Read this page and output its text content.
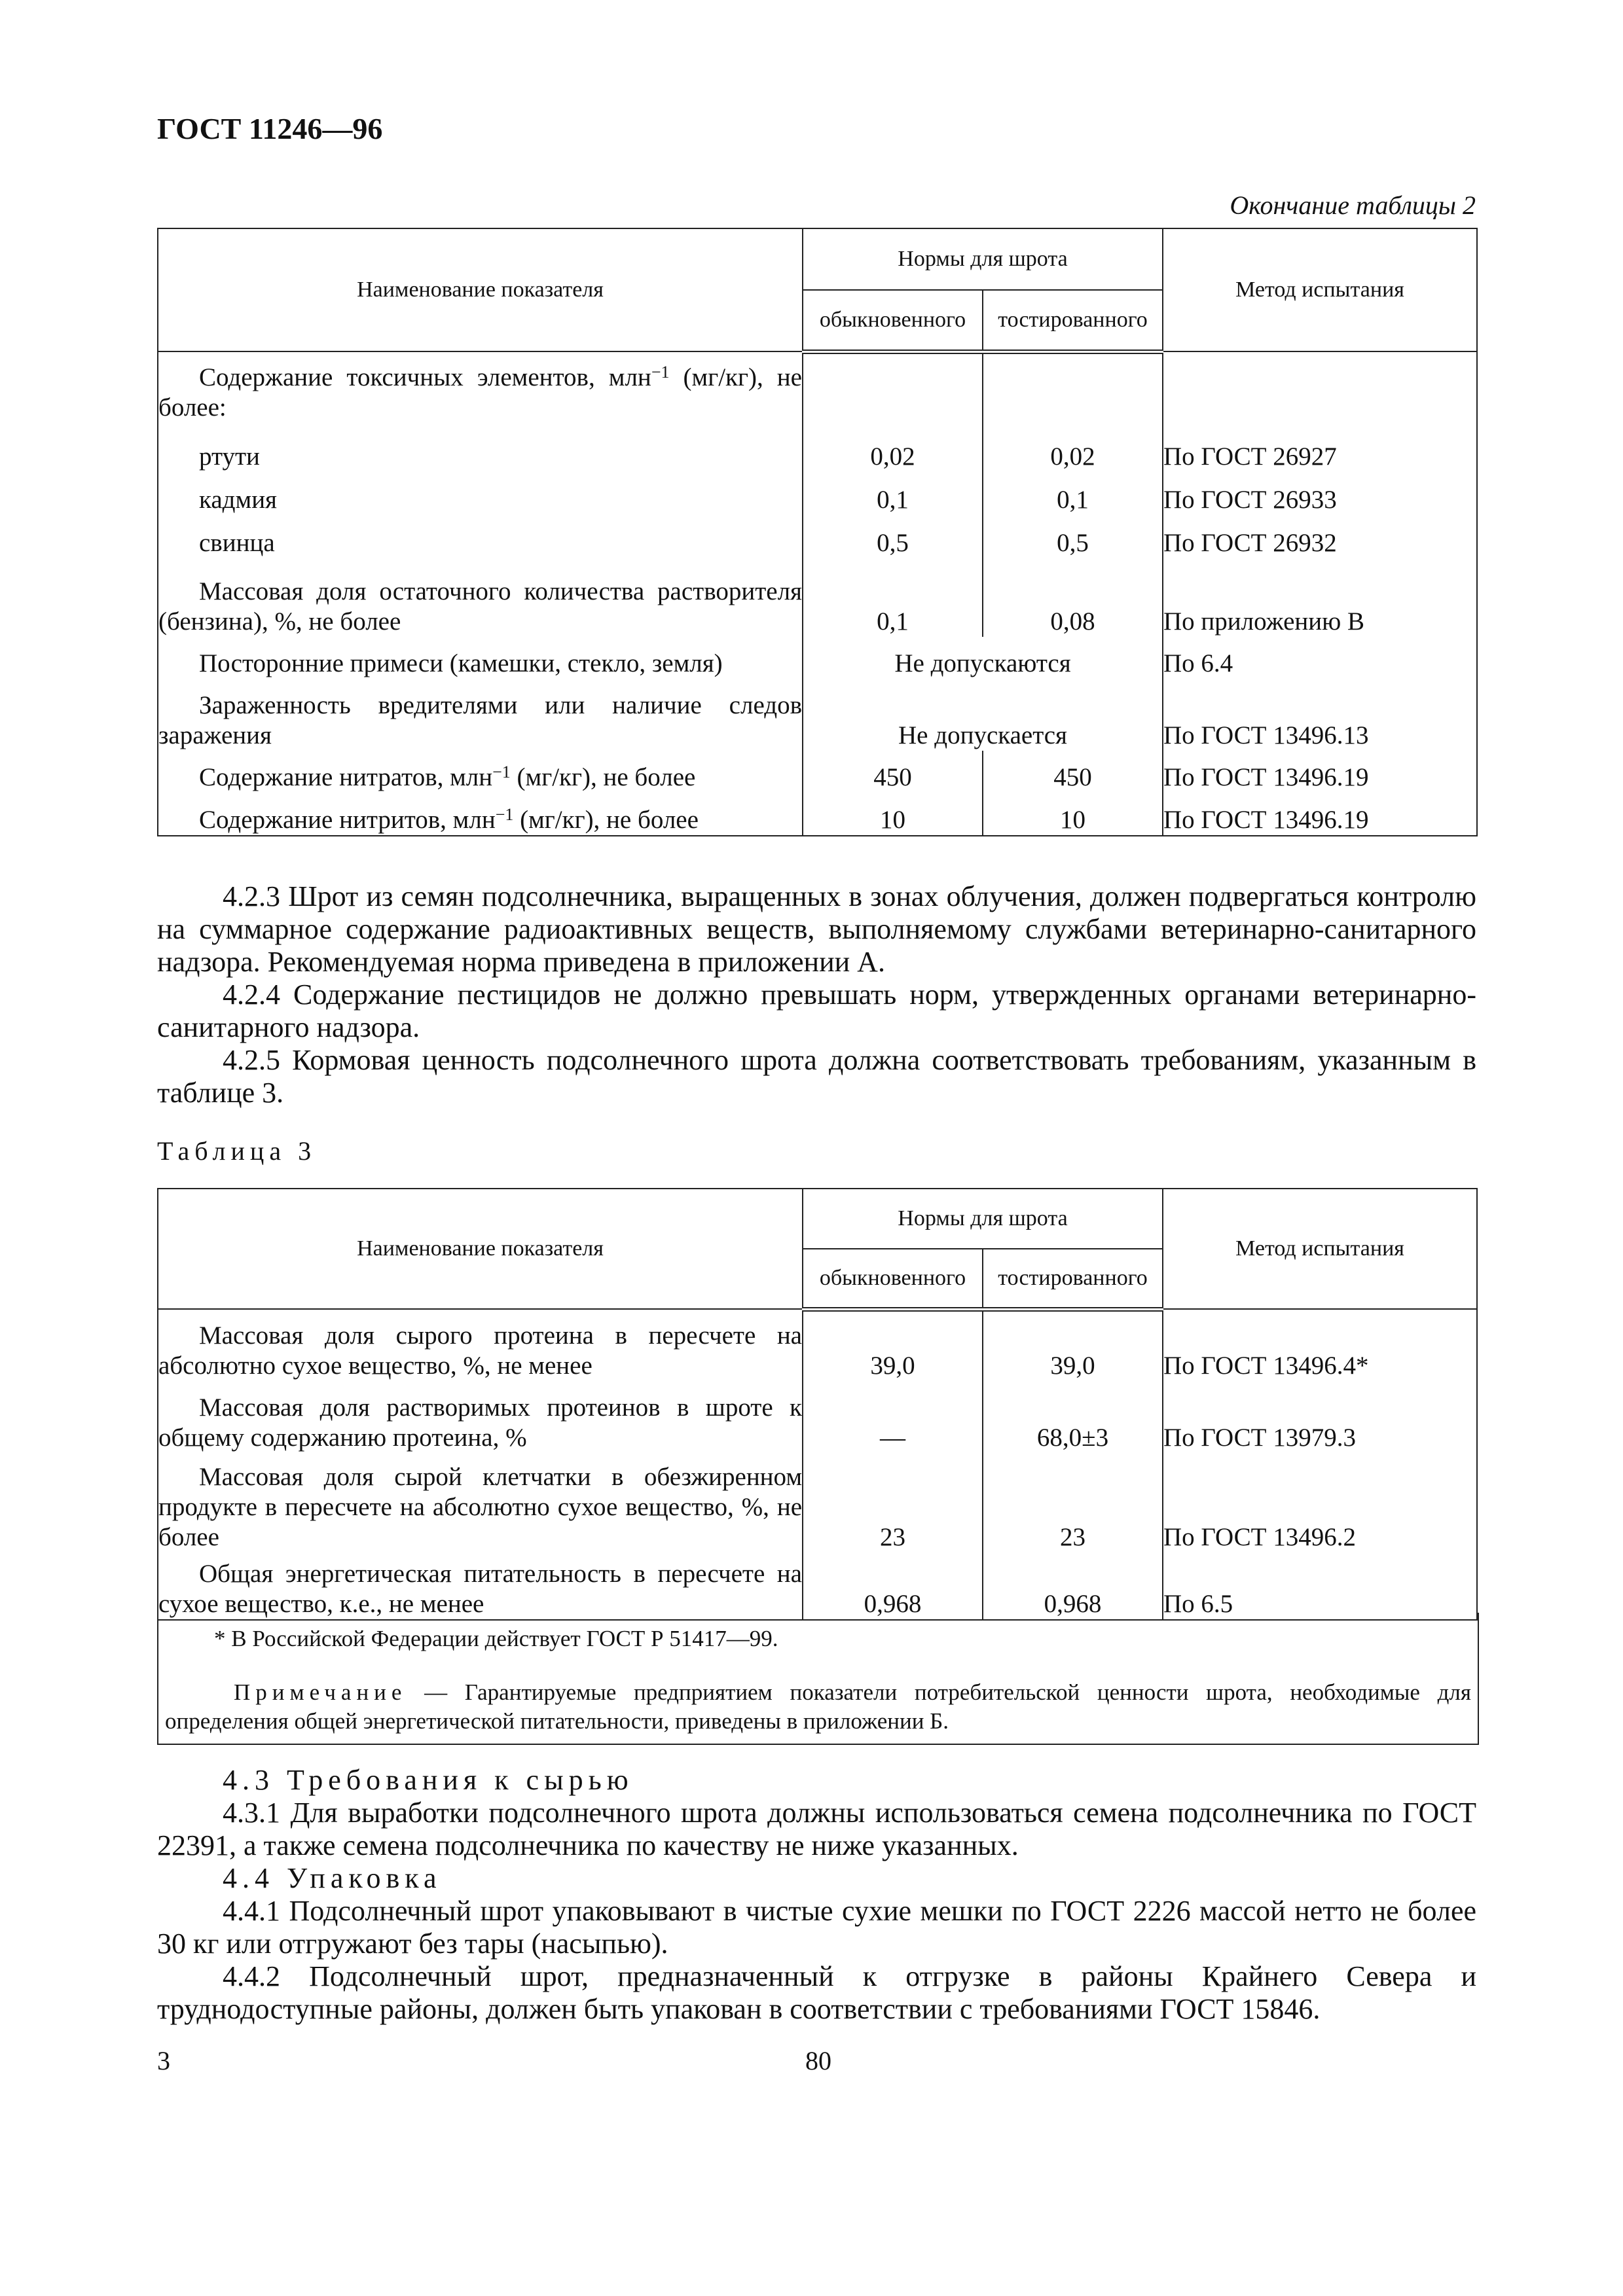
ГОСТ 11246—96
Окончание таблицы 2
Наименование показателя	Нормы для шрота		Метод испытания
	обыкновенного	тостированного	
Содержание токсичных элементов, млн$^{-1}$ (мг/кг), не более:			

ртути	0,02	0,02	По ГОСТ 26927

кадмия	0,1	0,1	По ГОСТ 26933

свинца	0,5	0,5	По ГОСТ 26932
Массовая доля остаточного количества растворителя (бензина), %, не более	0,1	0,08	По приложению В

Посторонние примеси (камешки, стекло, земля)	Не допускаются		По 6.4
Зараженность вредителями или наличие следов заражения	Не допускается		По ГОСТ 13496.13

Содержание нитратов, млн$^{-1}$ (мг/кг), не более	450	450	По ГОСТ 13496.19

Содержание нитритов, млн$^{-1}$ (мг/кг), не более	10	10	По ГОСТ 13496.19
4.2.3 Шрот из семян подсолнечника, выращенных в зонах облучения, должен подвергаться контролю на суммарное содержание радиоактивных веществ, выполняемому службами ветеринарно-санитарного надзора. Рекомендуемая норма приведена в приложении А.
4.2.4 Содержание пестицидов не должно превышать норм, утвержденных органами ветеринарно-санитарного надзора.
4.2.5 Кормовая ценность подсолнечного шрота должна соответствовать требованиям, указанным в таблице 3.
Таблица 3
Наименование показателя	Нормы для шрота		Метод испытания
	обыкновенного	тостированного	
Массовая доля сырого протеина в пересчете на абсолютно сухое вещество, %, не менее	39,0	39,0	По ГОСТ 13496.4*
Массовая доля растворимых протеинов в шроте к общему содержанию протеина, %	—	68,0±3	По ГОСТ 13979.3
Массовая доля сырой клетчатки в обезжиренном продукте в пересчете на абсолютно сухое вещество, %, не более	23	23	По ГОСТ 13496.2
Общая энергетическая питательность в пересчете на сухое вещество, к.е., не менее	0,968	0,968	По 6.5
* В Российской Федерации действует ГОСТ Р 51417—99.
Примечание — Гарантируемые предприятием показатели потребительской ценности шрота, необходимые для определения общей энергетической питательности, приведены в приложении Б.
4.3 Требования к сырью
4.3.1 Для выработки подсолнечного шрота должны использоваться семена подсолнечника по ГОСТ 22391, а также семена подсолнечника по качеству не ниже указанных.
4.4 Упаковка
4.4.1 Подсолнечный шрот упаковывают в чистые сухие мешки по ГОСТ 2226 массой нетто не более 30 кг или отгружают без тары (насыпью).
4.4.2 Подсолнечный шрот, предназначенный к отгрузке в районы Крайнего Севера и труднодоступные районы, должен быть упакован в соответствии с требованиями ГОСТ 15846.
3	80
